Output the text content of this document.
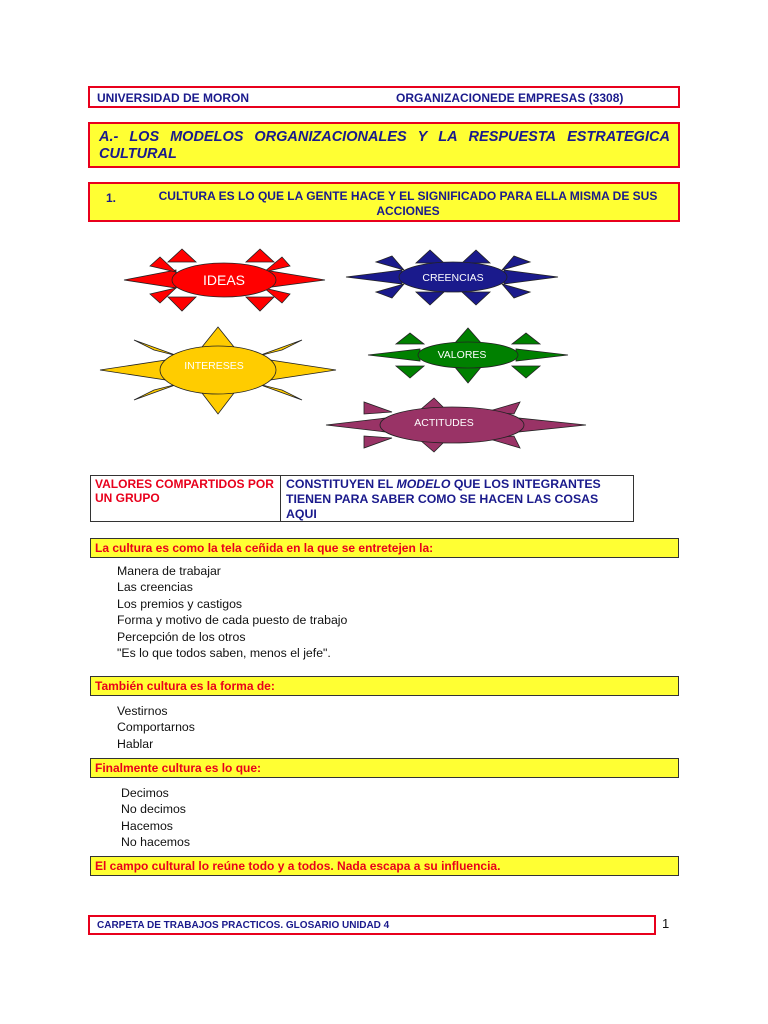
UNIVERSIDAD DE MORON	ORGANIZACIONEDE EMPRESAS (3308)
A.- LOS MODELOS ORGANIZACIONALES Y LA RESPUESTA ESTRATEGICA
CULTURAL
1.	CULTURA ES LO QUE LA GENTE HACE Y EL SIGNIFICADO PARA ELLA MISMA DE SUS ACCIONES
IDEAS	CREENCIAS
INTERESES
VALORES
ACTITUDES
VALORES COMPARTIDOS POR UN GRUPO
CONSTITUYEN EL MODELO QUE LOS INTEGRANTES TIENEN PARA SABER COMO SE HACEN LAS COSAS AQUI
La cultura es como la tela ceñida en la que se entretejen la:
Manera de trabajar
Las creencias
Los premios y castigos
Forma y motivo de cada puesto de trabajo
Percepción de los otros
"Es lo que todos saben, menos el jefe".
También cultura es la forma de:
Vestirnos
Comportarnos
Hablar
Finalmente cultura es lo que:
Decimos
No decimos
Hacemos
No hacemos
El campo cultural lo reúne todo y a todos. Nada escapa a su influencia.
CARPETA DE TRABAJOS PRACTICOS. GLOSARIO UNIDAD 4	1
